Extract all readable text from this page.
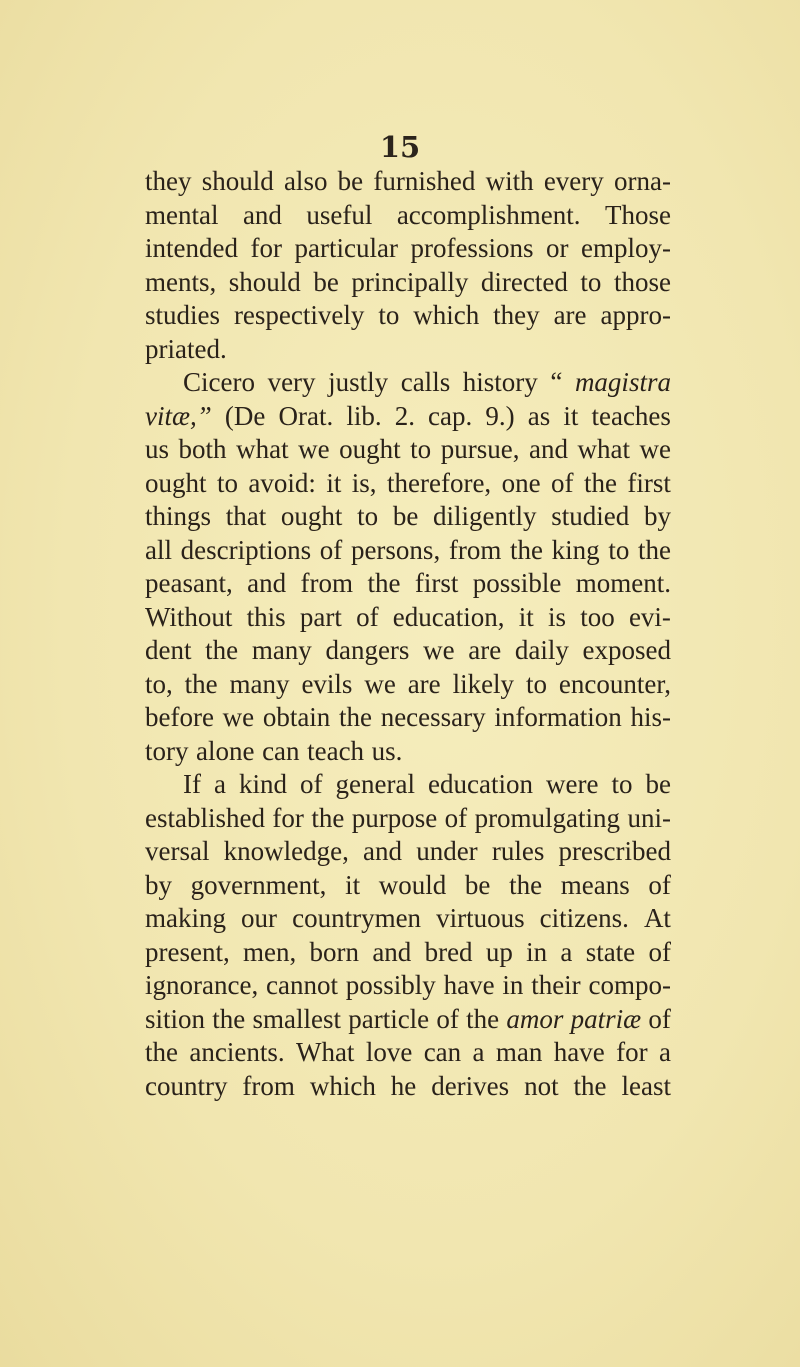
15
they should also be furnished with every orna-
mental and useful accomplishment. Those
intended for particular professions or employ-
ments, should be principally directed to those
studies respectively to which they are appro-
priated.
Cicero very justly calls history “ magistra
vitæ,” (De Orat. lib. 2. cap. 9.) as it teaches
us both what we ought to pursue, and what we
ought to avoid: it is, therefore, one of the first
things that ought to be diligently studied by
all descriptions of persons, from the king to the
peasant, and from the first possible moment.
Without this part of education, it is too evi-
dent the many dangers we are daily exposed
to, the many evils we are likely to encounter,
before we obtain the necessary information his-
tory alone can teach us.
If a kind of general education were to be
established for the purpose of promulgating uni-
versal knowledge, and under rules prescribed
by government, it would be the means of
making our countrymen virtuous citizens. At
present, men, born and bred up in a state of
ignorance, cannot possibly have in their compo-
sition the smallest particle of the amor patriæ of
the ancients. What love can a man have for a
country from which he derives not the least
